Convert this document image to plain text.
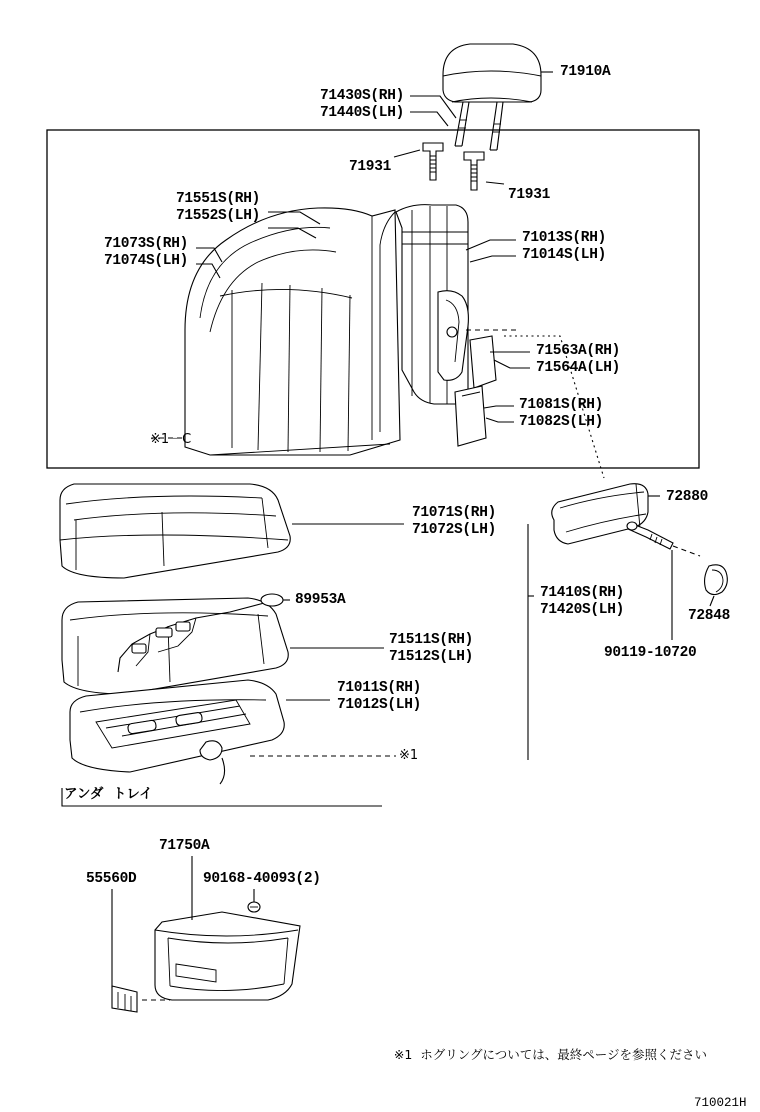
71910A
71430S(RH)
71440S(LH)
71931
71931
71551S(RH)
71552S(LH)
71073S(RH)
71074S(LH)
71013S(RH)
71014S(LH)
71563A(RH)
71564A(LH)
71081S(RH)
71082S(LH)
※1－C
72880
71071S(RH)
71072S(LH)
71410S(RH)
71420S(LH)
89953A
72848
71511S(RH)
71512S(LH)	90119-10720
71011S(RH)
71012S(LH)
※1
アンダ  トレイ
71750A
55560D	90168-40093(2)

※1 ホグリングについては、最終ページを参照ください

710021H
